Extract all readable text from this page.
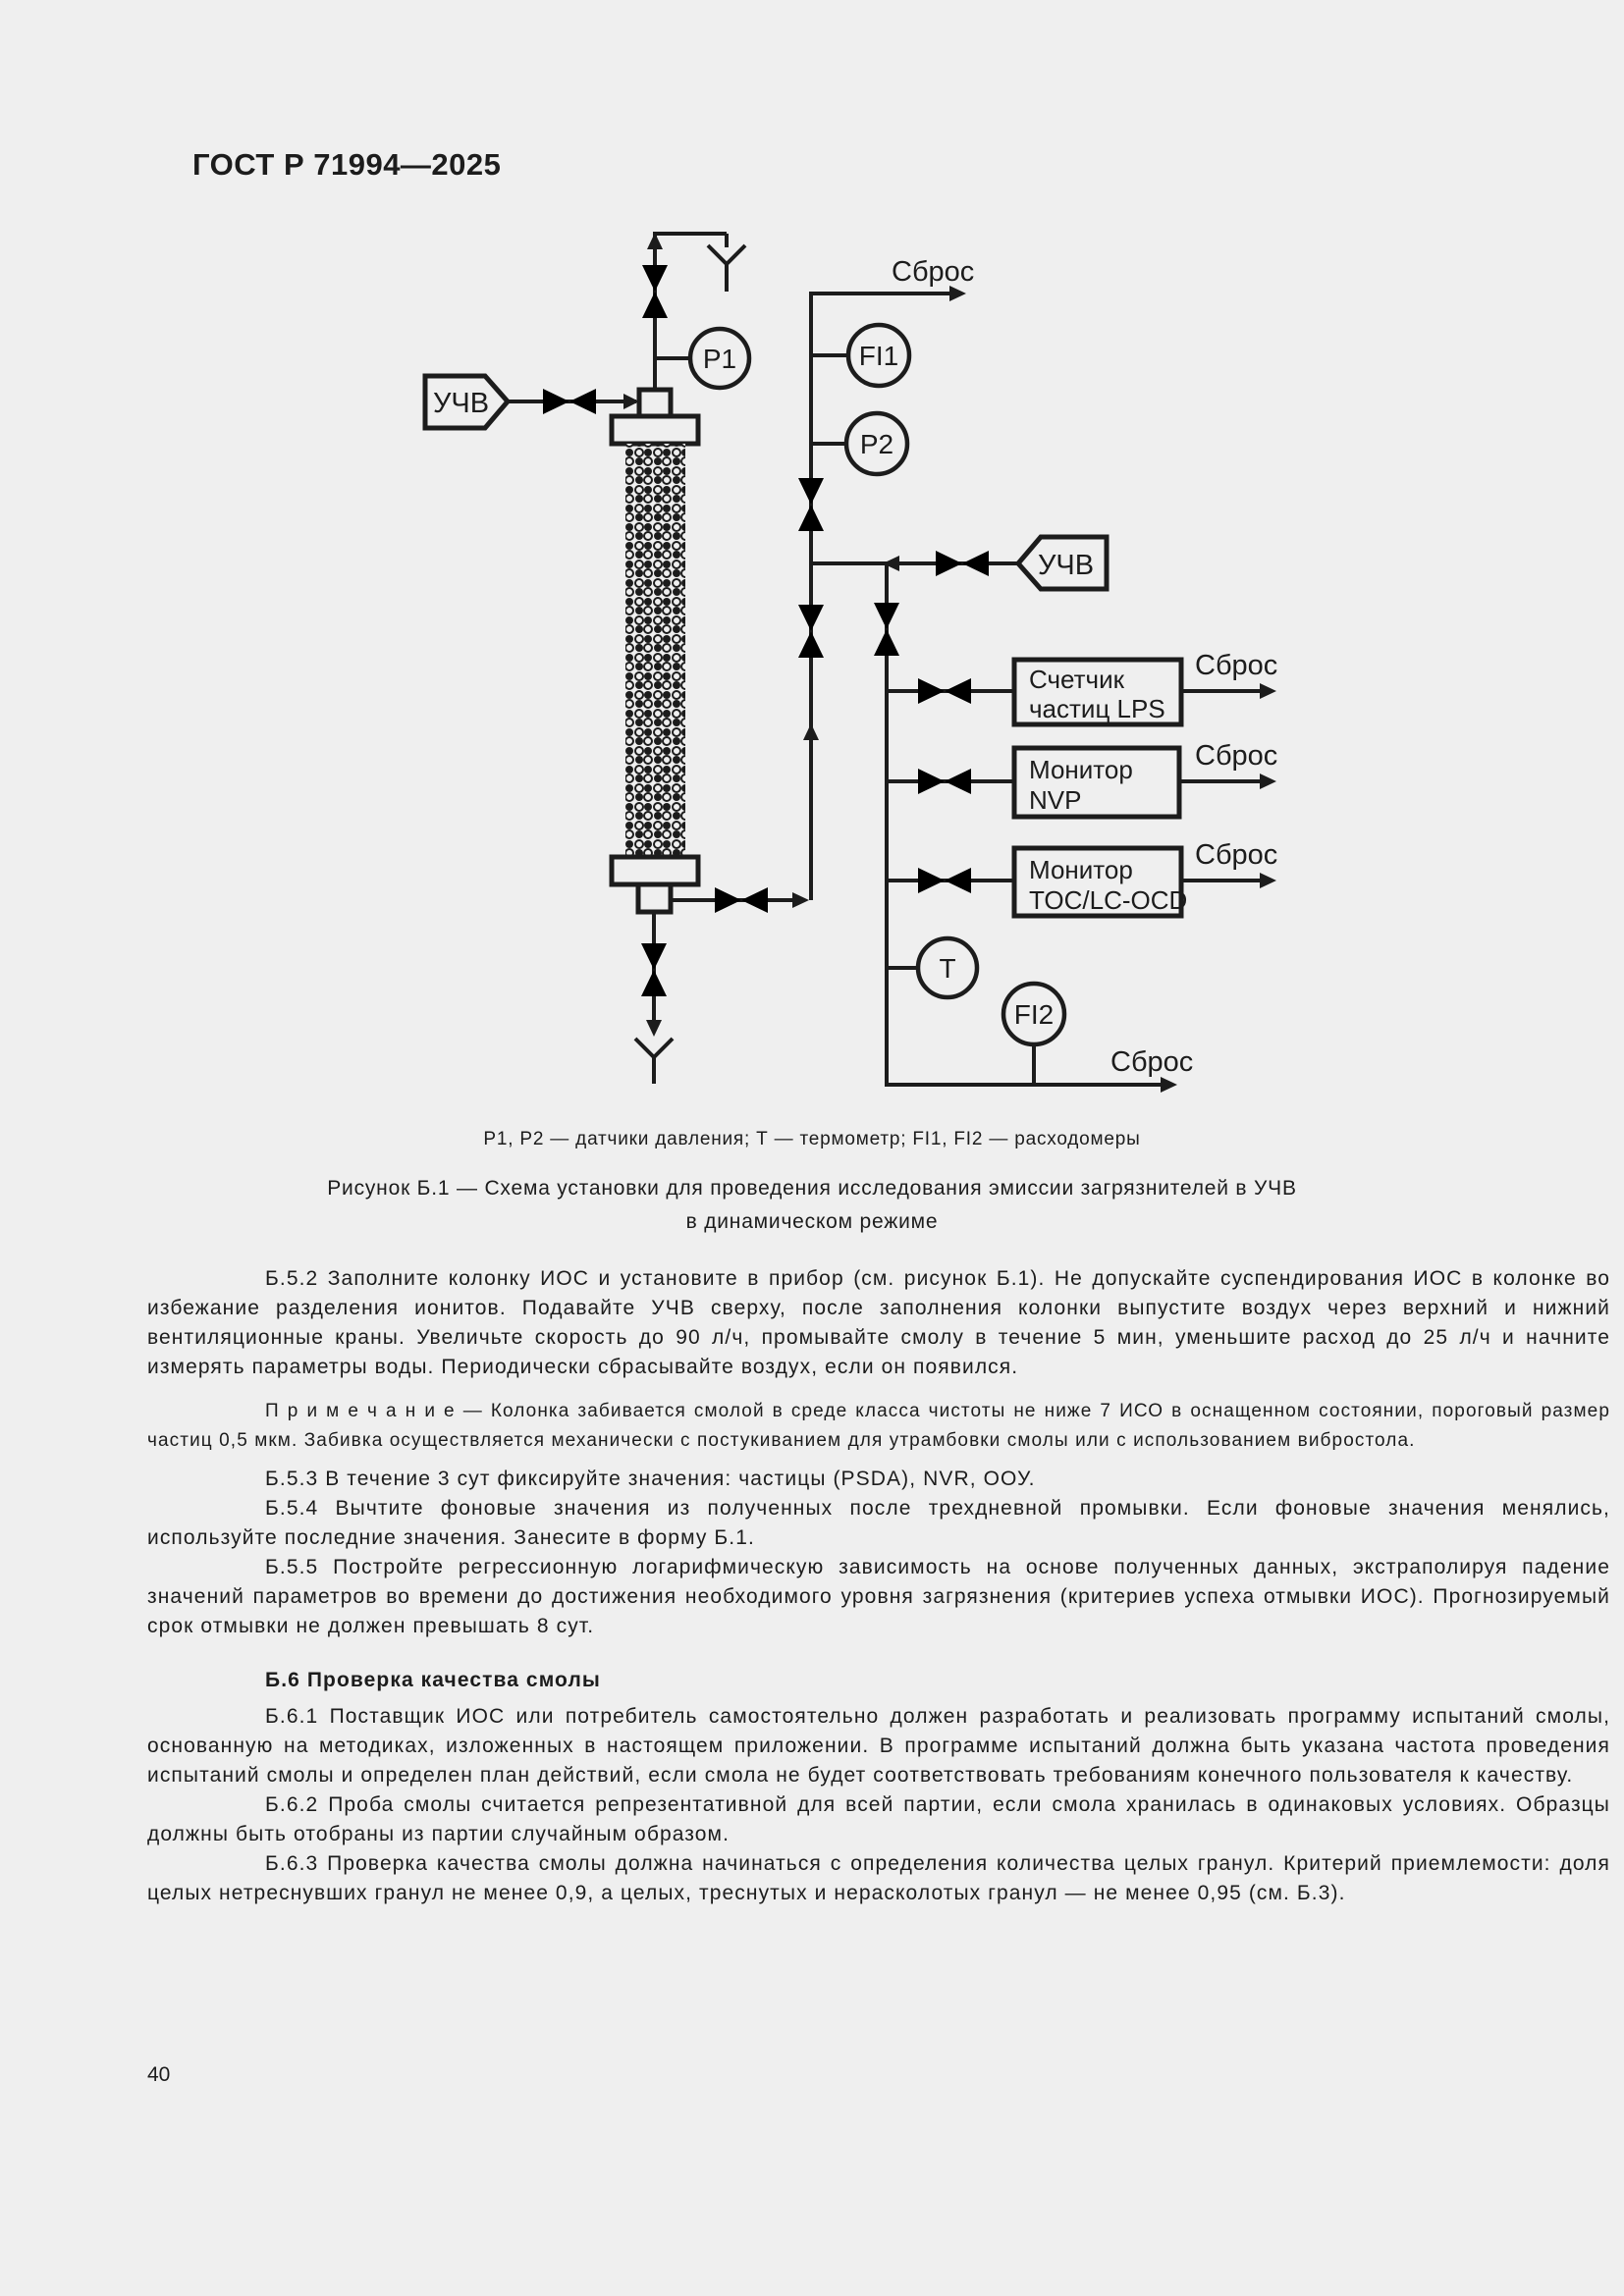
ГОСТ Р 71994—2025
УЧВ
УЧВ
P1	FI1
P2
T
FI2
Счетчик
частиц LPS
Монитор
NVP
Монитор
TOC/LC-OCD
Сброс
Сброс
Сброс
Сброс
Сброс
P1, P2 — датчики давления; Т — термометр; FI1, FI2 — расходомеры
Рисунок Б.1 — Схема установки для проведения исследования эмиссии загрязнителей в УЧВ
в динамическом режиме

Б.5.2 Заполните колонку ИОС и установите в прибор (см. рисунок Б.1). Не допускайте суспендирования ИОС в колонке во избежание разделения ионитов. Подавайте УЧВ сверху, после заполнения колонки выпустите воздух через верхний и нижний вентиляционные краны. Увеличьте скорость до 90 л/ч, промывайте смолу в течение 5 мин, уменьшите расход до 25 л/ч и начните измерять параметры воды. Периодически сбрасывайте воздух, если он появился.

П р и м е ч а н и е — Колонка забивается смолой в среде класса чистоты не ниже 7 ИСО в оснащенном состоянии, пороговый размер частиц 0,5 мкм. Забивка осуществляется механически с постукиванием для утрамбовки смолы или с использованием вибростола.

Б.5.3 В течение 3 сут фиксируйте значения: частицы (PSDA), NVR, ООУ.

Б.5.4 Вычтите фоновые значения из полученных после трехдневной промывки. Если фоновые значения менялись, используйте последние значения. Занесите в форму Б.1.

Б.5.5 Постройте регрессионную логарифмическую зависимость на основе полученных данных, экстраполируя падение значений параметров во времени до достижения необходимого уровня загрязнения (критериев успеха отмывки ИОС). Прогнозируемый срок отмывки не должен превышать 8 сут.

Б.6 Проверка качества смолы

Б.6.1 Поставщик ИОС или потребитель самостоятельно должен разработать и реализовать программу испытаний смолы, основанную на методиках, изложенных в настоящем приложении. В программе испытаний должна быть указана частота проведения испытаний смолы и определен план действий, если смола не будет соответствовать требованиям конечного пользователя к качеству.

Б.6.2 Проба смолы считается репрезентативной для всей партии, если смола хранилась в одинаковых условиях. Образцы должны быть отобраны из партии случайным образом.

Б.6.3 Проверка качества смолы должна начинаться с определения количества целых гранул. Критерий приемлемости: доля целых нетреснувших гранул не менее 0,9, а целых, треснутых и нерасколотых гранул — не менее 0,95 (см. Б.3).

40
